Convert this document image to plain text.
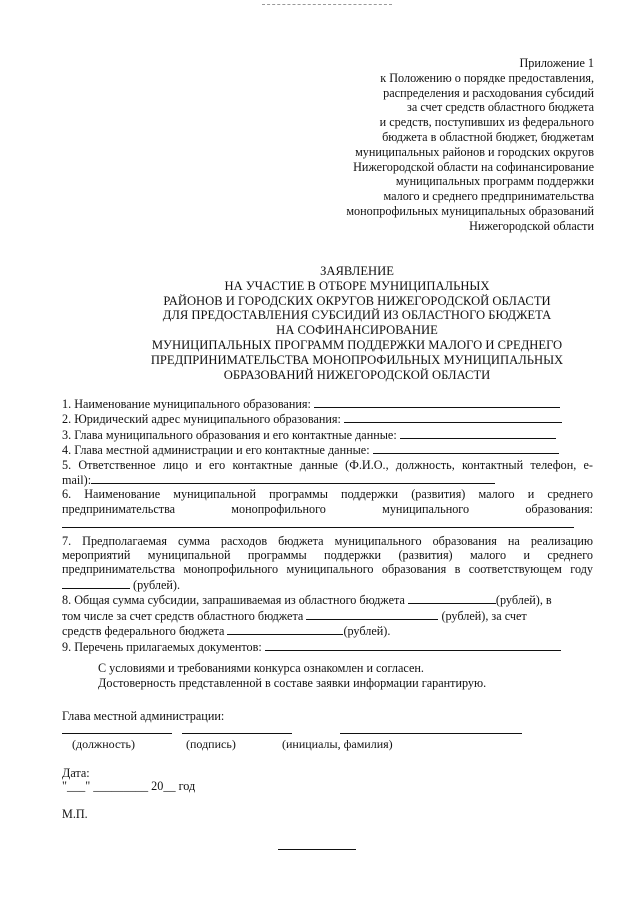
Приложение 1
к Положению о порядке предоставления,
распределения и расходования субсидий
за счет средств областного бюджета
и средств, поступивших из федерального
бюджета в областной бюджет, бюджетам
муниципальных районов и городских округов
Нижегородской области на софинансирование
муниципальных программ поддержки
малого и среднего предпринимательства
монопрофильных муниципальных образований
Нижегородской области
ЗАЯВЛЕНИЕ
НА УЧАСТИЕ В ОТБОРЕ МУНИЦИПАЛЬНЫХ
РАЙОНОВ И ГОРОДСКИХ ОКРУГОВ НИЖЕГОРОДСКОЙ ОБЛАСТИ
ДЛЯ ПРЕДОСТАВЛЕНИЯ СУБСИДИЙ ИЗ ОБЛАСТНОГО БЮДЖЕТА
НА СОФИНАНСИРОВАНИЕ
МУНИЦИПАЛЬНЫХ ПРОГРАММ ПОДДЕРЖКИ МАЛОГО И СРЕДНЕГО
ПРЕДПРИНИМАТЕЛЬСТВА МОНОПРОФИЛЬНЫХ МУНИЦИПАЛЬНЫХ
ОБРАЗОВАНИЙ НИЖЕГОРОДСКОЙ ОБЛАСТИ
1. Наименование муниципального образования:
2. Юридический адрес муниципального образования:
3. Глава муниципального образования и его контактные данные:
4. Глава местной администрации и его контактные данные:
5. Ответственное лицо и его контактные данные (Ф.И.О., должность, контактный телефон, e-
mail):
6. Наименование муниципальной программы поддержки (развития) малого и среднего
предпринимательства монопрофильного муниципального образования:
7. Предполагаемая сумма расходов бюджета муниципального образования на реализацию
мероприятий муниципальной программы поддержки (развития) малого и среднего
предпринимательства монопрофильного муниципального образования в соответствующем году
(рублей).
8. Общая сумма субсидии, запрашиваемая из областного бюджета	(рублей), в
том числе за счет средств областного бюджета	(рублей), за счет
средств федерального бюджета	(рублей).
9. Перечень прилагаемых документов:
С условиями и требованиями конкурса ознакомлен и согласен.
Достоверность представленной в составе заявки информации гарантирую.
Глава местной администрации:
(должность)	(подпись)	(инициалы, фамилия)
Дата:
"___" _________ 20__ год
М.П.
